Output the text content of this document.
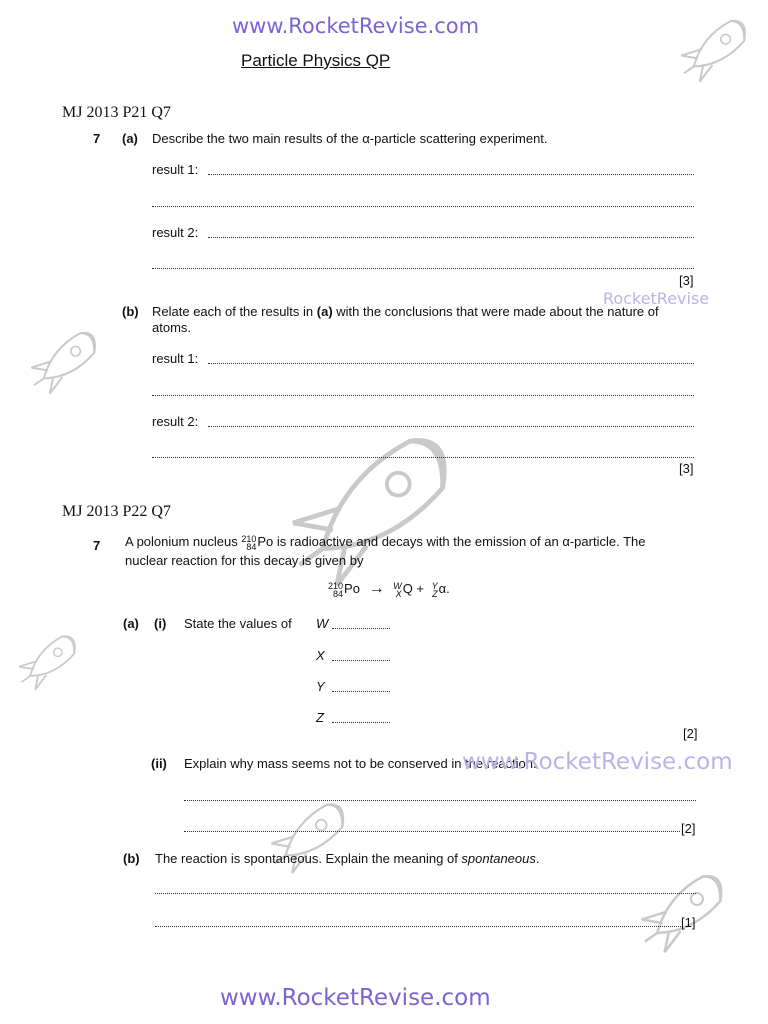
www.RocketRevise.com
Particle Physics QP
MJ 2013 P21 Q7
7 (a) Describe the two main results of the α-particle scattering experiment.
result 1:
result 2:
[3]
RocketRevise
(b) Relate each of the results in (a) with the conclusions that were made about the nature of
atoms.
result 1:
result 2:
[3]
MJ 2013 P22 Q7
7 A polonium nucleus 210
84Po is radioactive and decays with the emission of an α-particle. The
nuclear reaction for this decay is given by
210
84Po → W
XQ + Y
Zα.
(a) (i) State the values of W
X
Y
Z
[2]
(ii) Explain why mass seems not to be conserved in the reaction.
www.RocketRevise.com
[2]
(b) The reaction is spontaneous. Explain the meaning of spontaneous.
[1]
www.RocketRevise.com
